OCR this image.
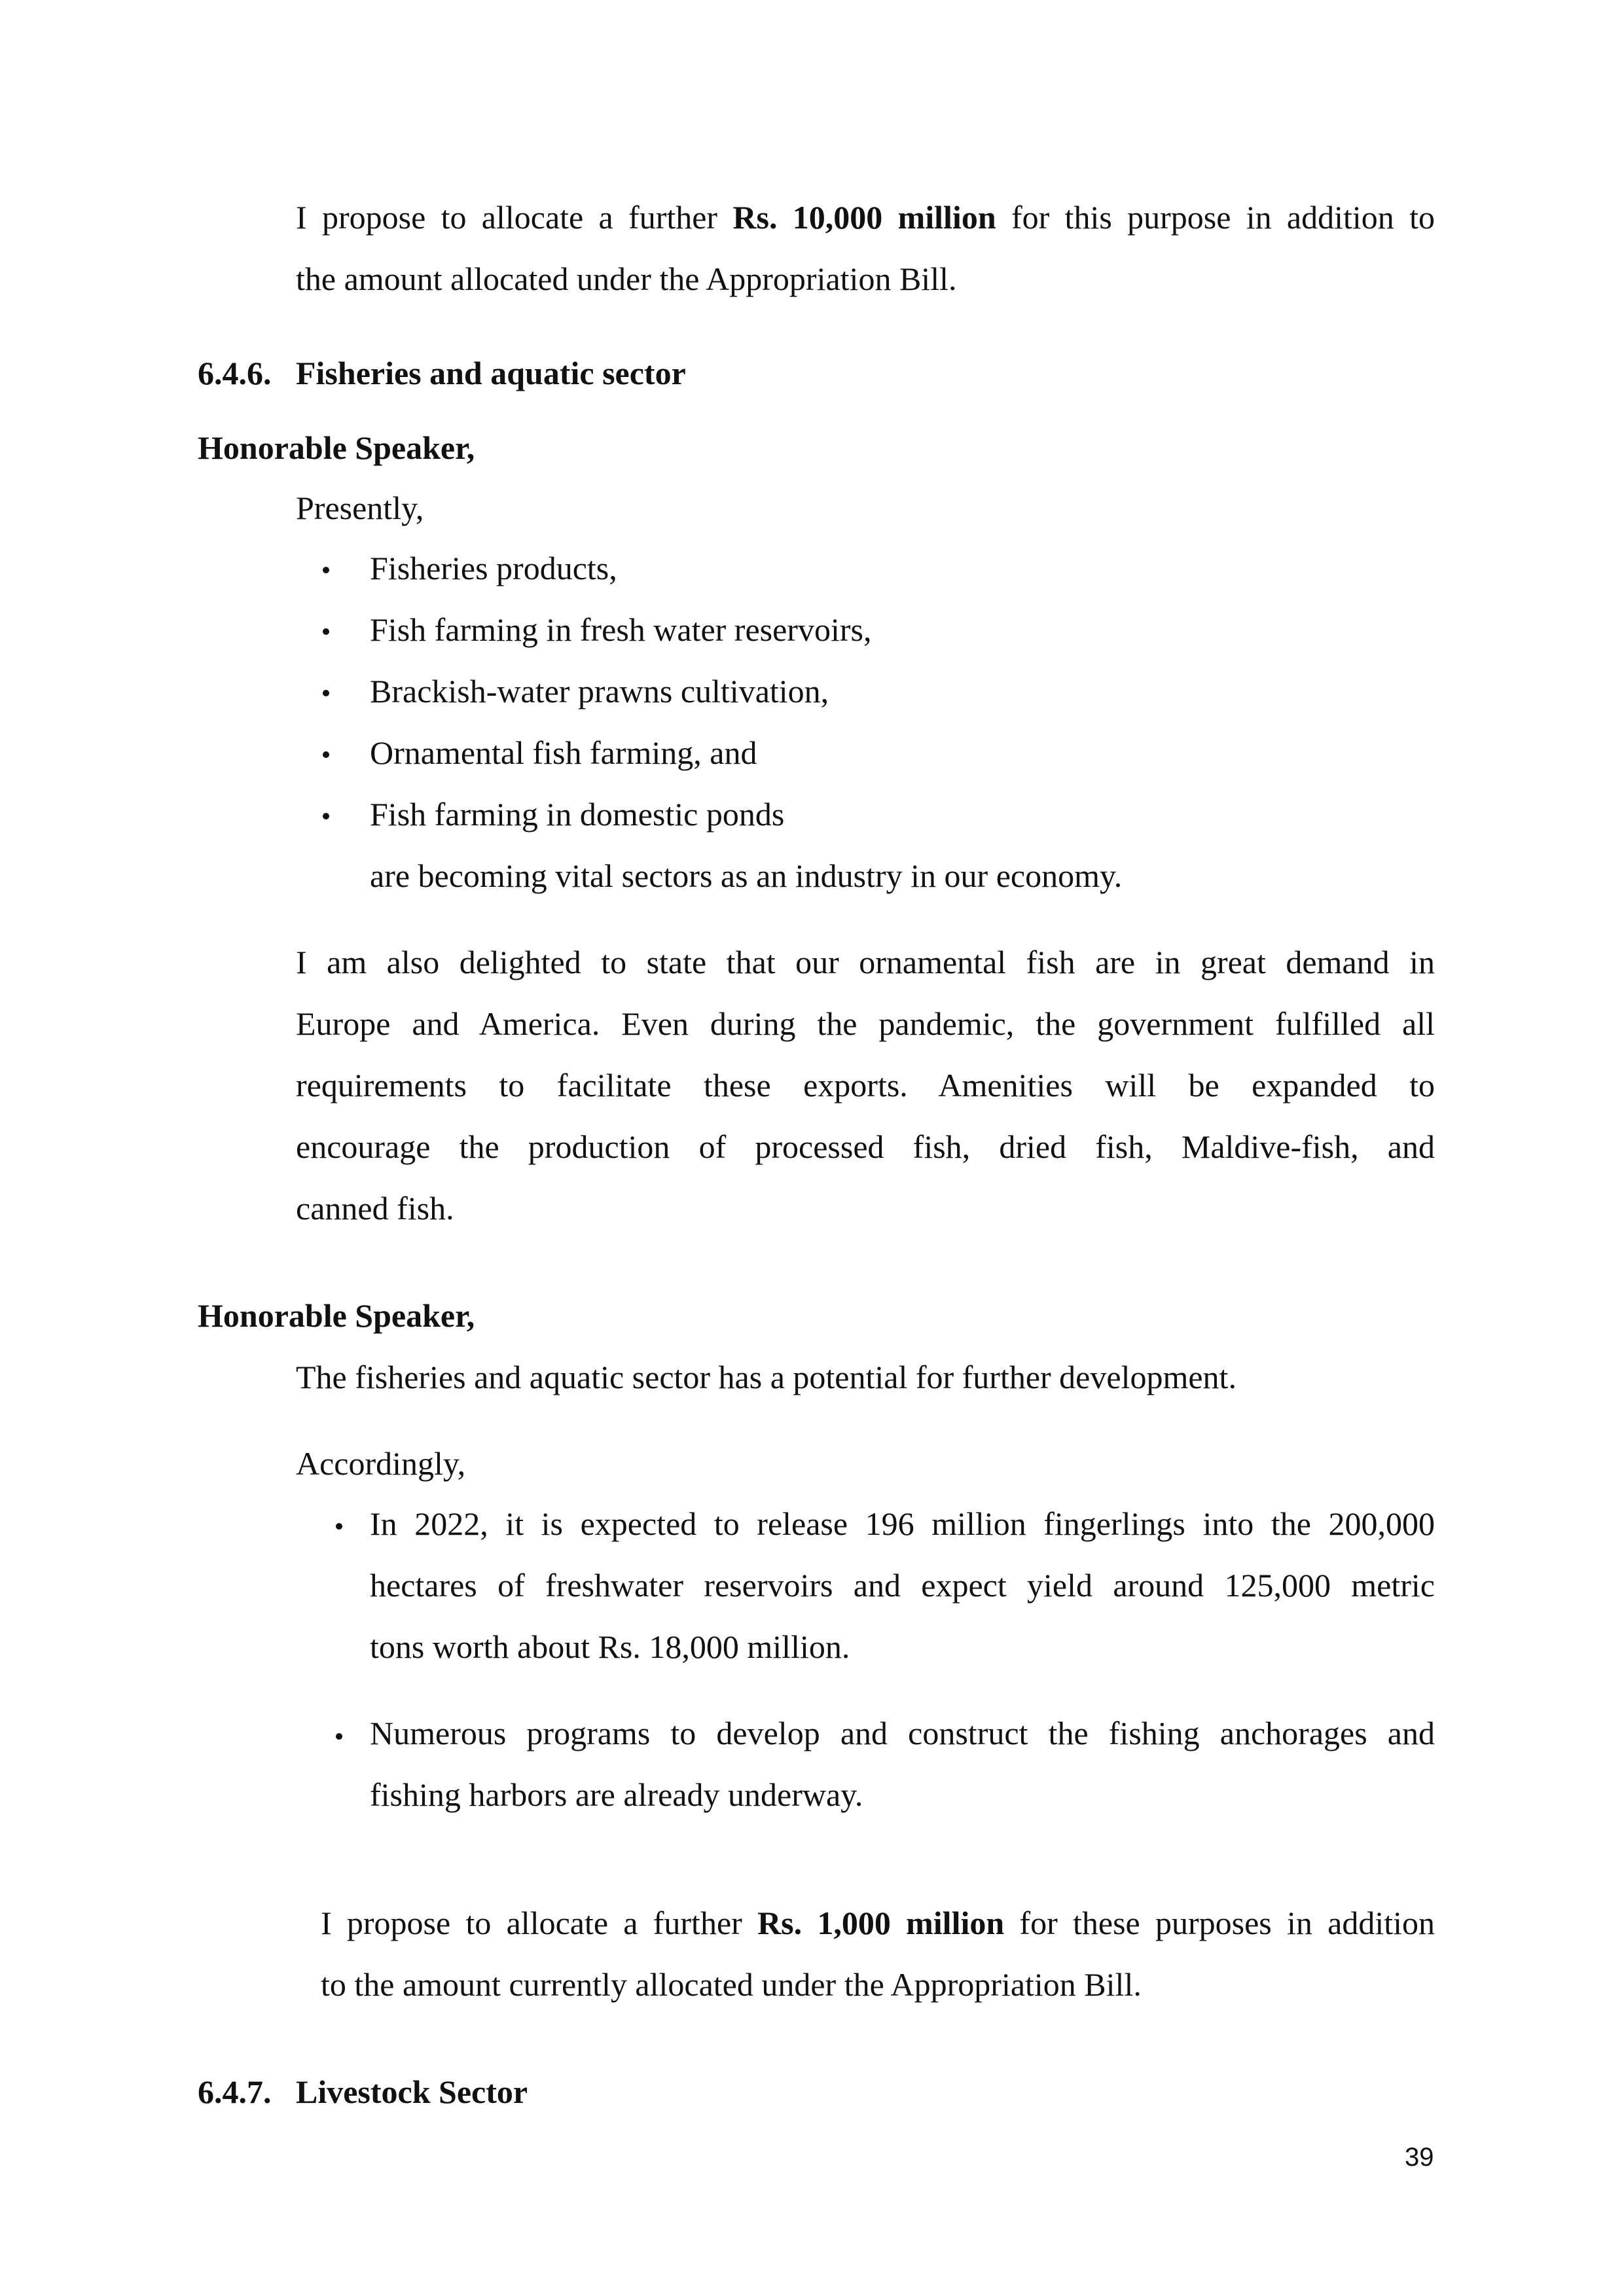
I propose to allocate a further Rs. 10,000 million for this purpose in addition to
the amount allocated under the Appropriation Bill.
6.4.6. Fisheries and aquatic sector
Honorable Speaker,
Presently,
Fisheries products,
Fish farming in fresh water reservoirs,
Brackish-water prawns cultivation,
Ornamental fish farming, and
Fish farming in domestic ponds
are becoming vital sectors as an industry in our economy.
I am also delighted to state that our ornamental fish are in great demand in
Europe and America. Even during the pandemic, the government fulfilled all
requirements to facilitate these exports. Amenities will be expanded to
encourage the production of processed fish, dried fish, Maldive-fish, and
canned fish.
Honorable Speaker,
The fisheries and aquatic sector has a potential for further development.
Accordingly,
In 2022, it is expected to release 196 million fingerlings into the 200,000
hectares of freshwater reservoirs and expect yield around 125,000 metric
tons worth about Rs. 18,000 million.
Numerous programs to develop and construct the fishing anchorages and
fishing harbors are already underway.
I propose to allocate a further Rs. 1,000 million for these purposes in addition
to the amount currently allocated under the Appropriation Bill.
6.4.7. Livestock Sector
39
